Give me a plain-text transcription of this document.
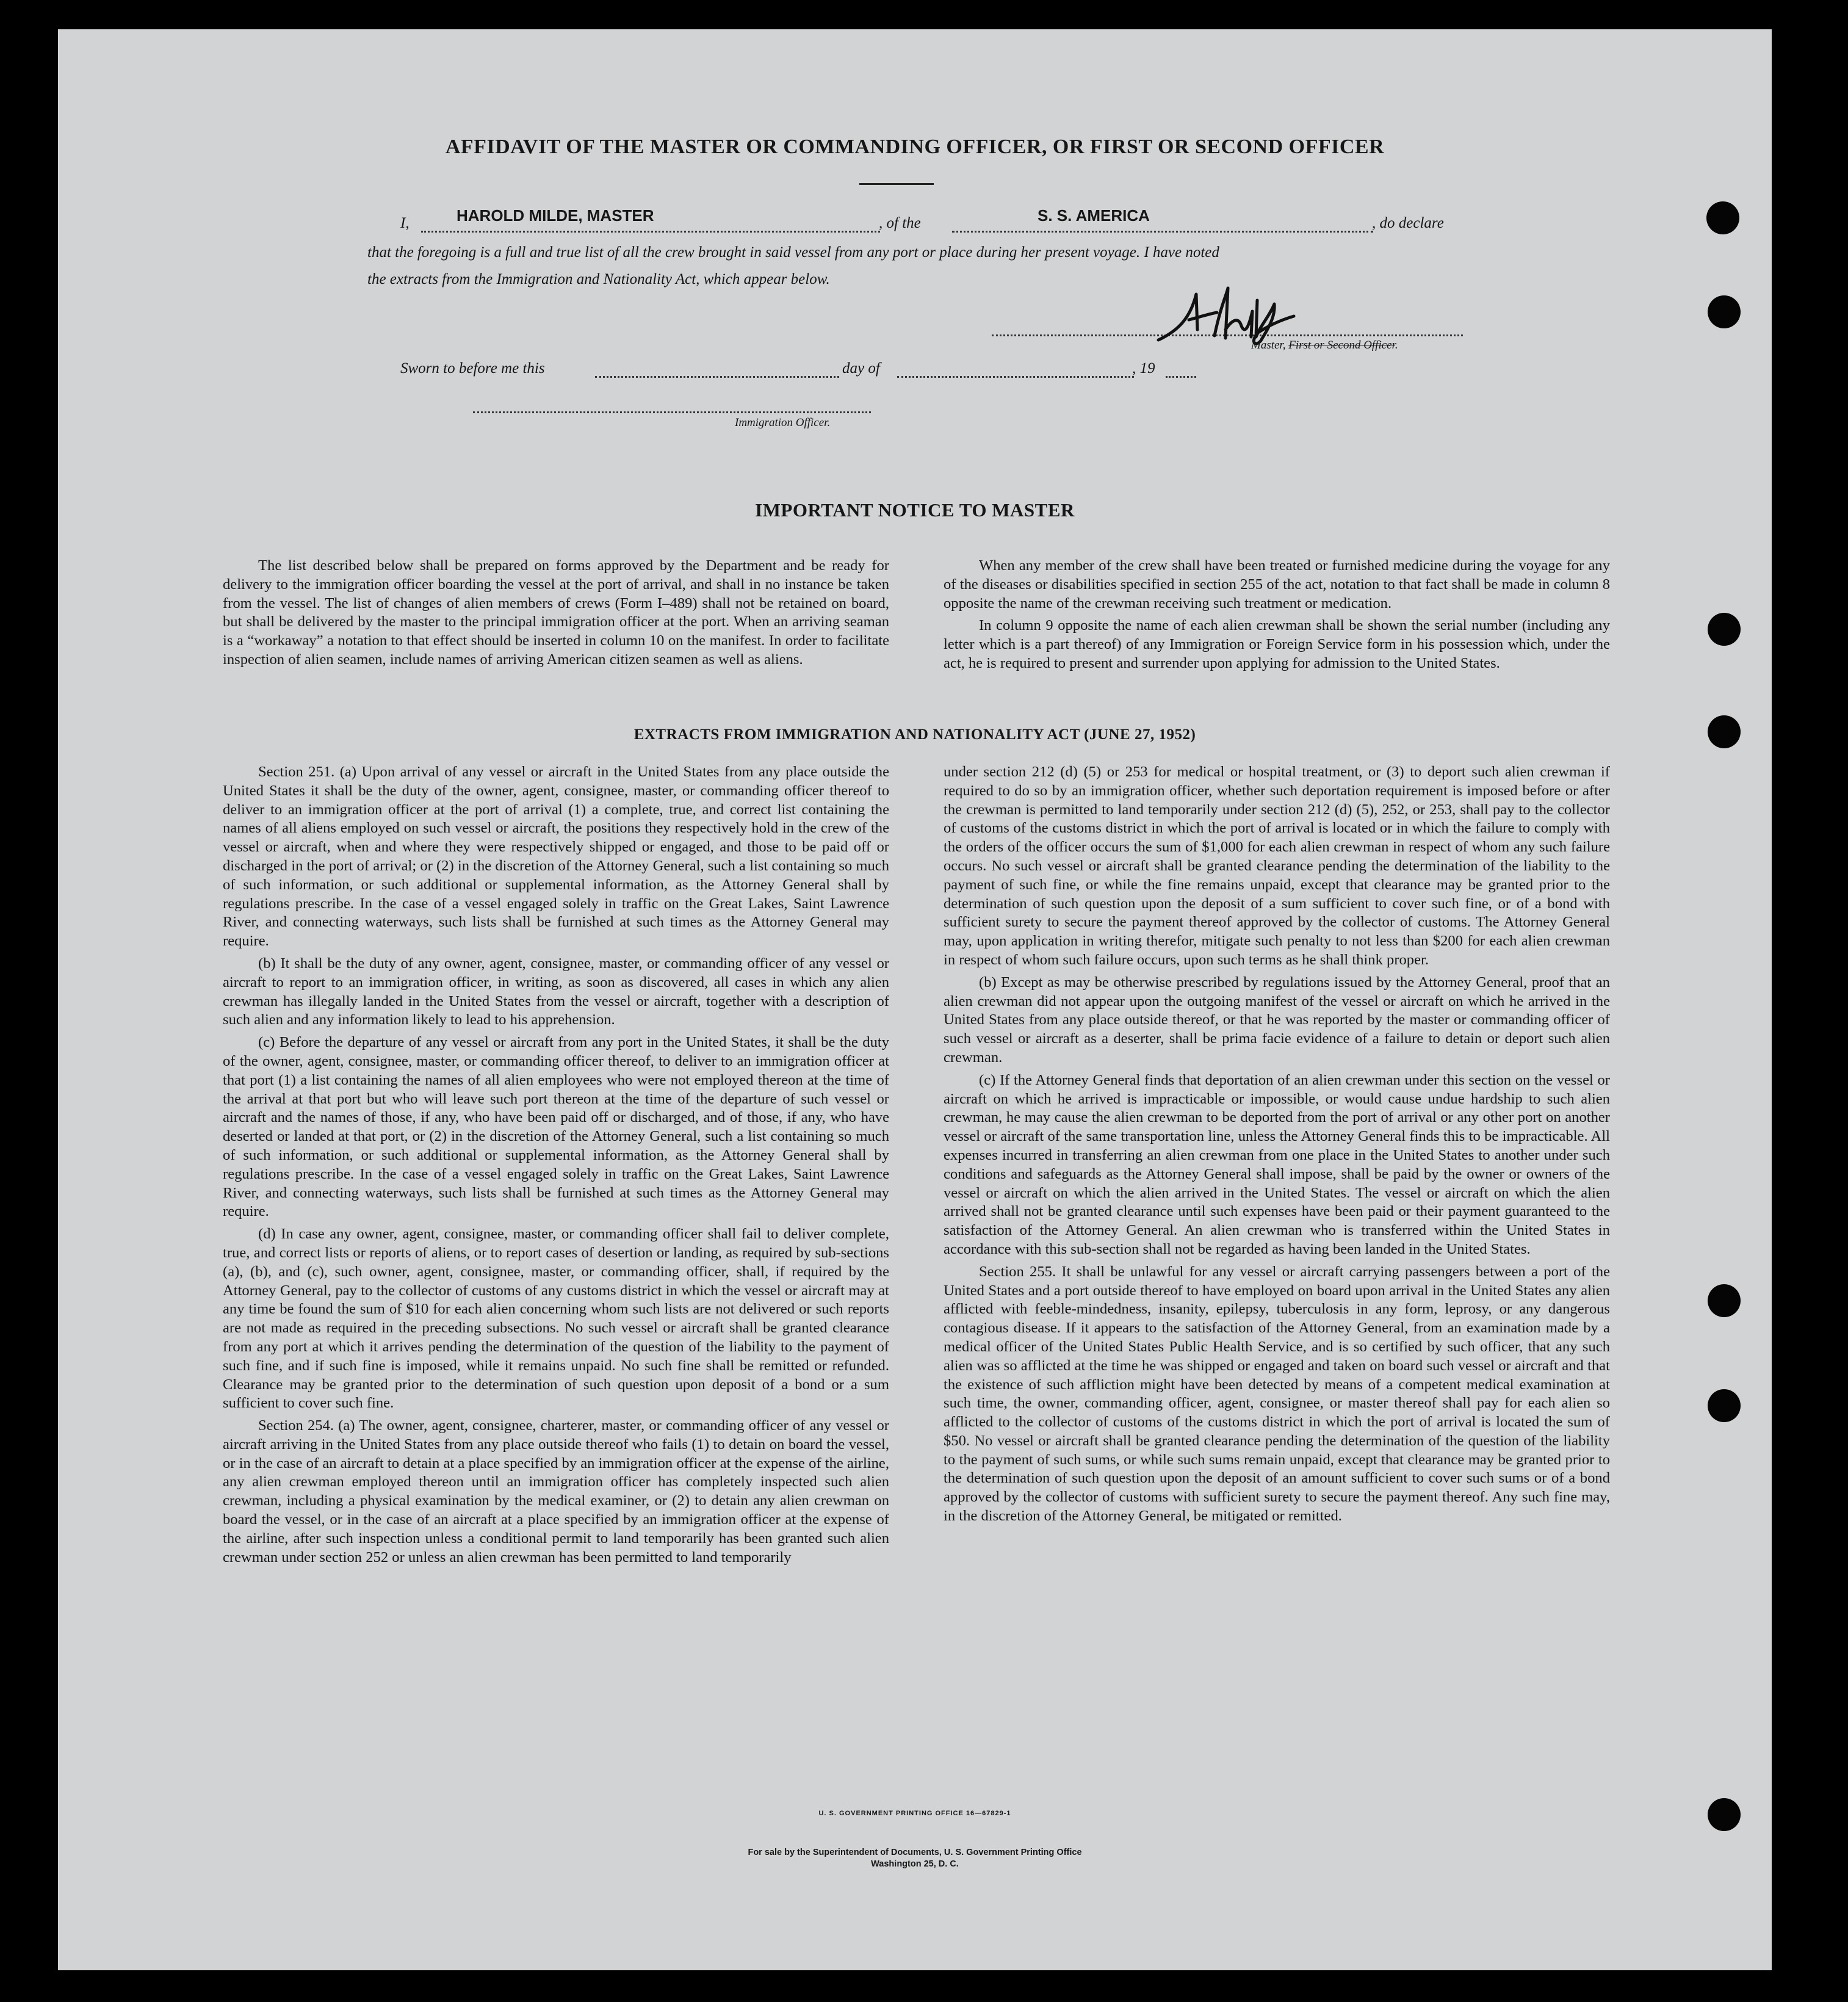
AFFIDAVIT OF THE MASTER OR COMMANDING OFFICER, OR FIRST OR SECOND OFFICER
I,	HAROLD MILDE, MASTER	, of the	S. S. AMERICA	, do declare
that the foregoing is a full and true list of all the crew brought in said vessel from any port or place during her present voyage. I have noted
the extracts from the Immigration and Nationality Act, which appear below.
Master, First or Second Officer.
Sworn to before me this	day of	, 19
Immigration Officer.
IMPORTANT NOTICE TO MASTER

The list described below shall be prepared on forms approved by the Department and be ready for delivery to the immigration officer boarding the vessel at the port of arrival, and shall in no instance be taken from the vessel. The list of changes of alien members of crews (Form I–489) shall not be retained on board, but shall be delivered by the master to the principal immigration officer at the port. When an arriving seaman is a “workaway” a notation to that effect should be inserted in column 10 on the manifest. In order to facilitate inspection of alien seamen, include names of arriving American citizen seamen as well as aliens.

When any member of the crew shall have been treated or furnished medicine during the voyage for any of the diseases or disabilities specified in section 255 of the act, notation to that fact shall be made in column 8 opposite the name of the crewman receiving such treatment or medication.

In column 9 opposite the name of each alien crewman shall be shown the serial number (including any letter which is a part thereof) of any Immigration or Foreign Service form in his possession which, under the act, he is required to present and surrender upon applying for admission to the United States.

EXTRACTS FROM IMMIGRATION AND NATIONALITY ACT (JUNE 27, 1952)

Section 251. (a) Upon arrival of any vessel or aircraft in the United States from any place outside the United States it shall be the duty of the owner, agent, consignee, master, or commanding officer thereof to deliver to an immigration officer at the port of arrival (1) a complete, true, and correct list containing the names of all aliens employed on such vessel or aircraft, the positions they respectively hold in the crew of the vessel or aircraft, when and where they were respectively shipped or engaged, and those to be paid off or discharged in the port of arrival; or (2) in the discretion of the Attorney General, such a list containing so much of such information, or such additional or supplemental information, as the Attorney General shall by regulations prescribe. In the case of a vessel engaged solely in traffic on the Great Lakes, Saint Lawrence River, and connecting waterways, such lists shall be furnished at such times as the Attorney General may require.

(b) It shall be the duty of any owner, agent, consignee, master, or commanding officer of any vessel or aircraft to report to an immigration officer, in writing, as soon as discovered, all cases in which any alien crewman has illegally landed in the United States from the vessel or aircraft, together with a description of such alien and any information likely to lead to his apprehension.

(c) Before the departure of any vessel or aircraft from any port in the United States, it shall be the duty of the owner, agent, consignee, master, or commanding officer thereof, to deliver to an immigration officer at that port (1) a list containing the names of all alien employees who were not employed thereon at the time of the arrival at that port but who will leave such port thereon at the time of the departure of such vessel or aircraft and the names of those, if any, who have been paid off or discharged, and of those, if any, who have deserted or landed at that port, or (2) in the discretion of the Attorney General, such a list containing so much of such information, or such additional or supplemental information, as the Attorney General shall by regulations prescribe. In the case of a vessel engaged solely in traffic on the Great Lakes, Saint Lawrence River, and connecting waterways, such lists shall be furnished at such times as the Attorney General may require.

(d) In case any owner, agent, consignee, master, or commanding officer shall fail to deliver complete, true, and correct lists or reports of aliens, or to report cases of desertion or landing, as required by sub-sections (a), (b), and (c), such owner, agent, consignee, master, or commanding officer, shall, if required by the Attorney General, pay to the collector of customs of any customs district in which the vessel or aircraft may at any time be found the sum of $10 for each alien concerning whom such lists are not delivered or such reports are not made as required in the preceding subsections. No such vessel or aircraft shall be granted clearance from any port at which it arrives pending the determination of the question of the liability to the payment of such fine, and if such fine is imposed, while it remains unpaid. No such fine shall be remitted or refunded. Clearance may be granted prior to the determination of such question upon deposit of a bond or a sum sufficient to cover such fine.

Section 254. (a) The owner, agent, consignee, charterer, master, or commanding officer of any vessel or aircraft arriving in the United States from any place outside thereof who fails (1) to detain on board the vessel, or in the case of an aircraft to detain at a place specified by an immigration officer at the expense of the airline, any alien crewman employed thereon until an immigration officer has completely inspected such alien crewman, including a physical examination by the medical examiner, or (2) to detain any alien crewman on board the vessel, or in the case of an aircraft at a place specified by an immigration officer at the expense of the airline, after such inspection unless a conditional permit to land temporarily has been granted such alien crewman under section 252 or unless an alien crewman has been permitted to land temporarily

under section 212 (d) (5) or 253 for medical or hospital treatment, or (3) to deport such alien crewman if required to do so by an immigration officer, whether such deportation requirement is imposed before or after the crewman is permitted to land temporarily under section 212 (d) (5), 252, or 253, shall pay to the collector of customs of the customs district in which the port of arrival is located or in which the failure to comply with the orders of the officer occurs the sum of $1,000 for each alien crewman in respect of whom any such failure occurs. No such vessel or aircraft shall be granted clearance pending the determination of the liability to the payment of such fine, or while the fine remains unpaid, except that clearance may be granted prior to the determination of such question upon the deposit of a sum sufficient to cover such fine, or of a bond with sufficient surety to secure the payment thereof approved by the collector of customs. The Attorney General may, upon application in writing therefor, mitigate such penalty to not less than $200 for each alien crewman in respect of whom such failure occurs, upon such terms as he shall think proper.

(b) Except as may be otherwise prescribed by regulations issued by the Attorney General, proof that an alien crewman did not appear upon the outgoing manifest of the vessel or aircraft on which he arrived in the United States from any place outside thereof, or that he was reported by the master or commanding officer of such vessel or aircraft as a deserter, shall be prima facie evidence of a failure to detain or deport such alien crewman.

(c) If the Attorney General finds that deportation of an alien crewman under this section on the vessel or aircraft on which he arrived is impracticable or impossible, or would cause undue hardship to such alien crewman, he may cause the alien crewman to be deported from the port of arrival or any other port on another vessel or aircraft of the same transportation line, unless the Attorney General finds this to be impracticable. All expenses incurred in transferring an alien crewman from one place in the United States to another under such conditions and safeguards as the Attorney General shall impose, shall be paid by the owner or owners of the vessel or aircraft on which the alien arrived in the United States. The vessel or aircraft on which the alien arrived shall not be granted clearance until such expenses have been paid or their payment guaranteed to the satisfaction of the Attorney General. An alien crewman who is transferred within the United States in accordance with this sub-section shall not be regarded as having been landed in the United States.

Section 255. It shall be unlawful for any vessel or aircraft carrying passengers between a port of the United States and a port outside thereof to have employed on board upon arrival in the United States any alien afflicted with feeble-mindedness, insanity, epilepsy, tuberculosis in any form, leprosy, or any dangerous contagious disease. If it appears to the satisfaction of the Attorney General, from an examination made by a medical officer of the United States Public Health Service, and is so certified by such officer, that any such alien was so afflicted at the time he was shipped or engaged and taken on board such vessel or aircraft and that the existence of such affliction might have been detected by means of a competent medical examination at such time, the owner, commanding officer, agent, consignee, or master thereof shall pay for each alien so afflicted to the collector of customs of the customs district in which the port of arrival is located the sum of $50. No vessel or aircraft shall be granted clearance pending the determination of the question of the liability to the payment of such sums, or while such sums remain unpaid, except that clearance may be granted prior to the determination of such question upon the deposit of an amount sufficient to cover such sums or of a bond approved by the collector of customs with sufficient surety to secure the payment thereof. Any such fine may, in the discretion of the Attorney General, be mitigated or remitted.

U. S. GOVERNMENT PRINTING OFFICE 16—67829-1
For sale by the Superintendent of Documents, U. S. Government Printing Office
Washington 25, D. C.
